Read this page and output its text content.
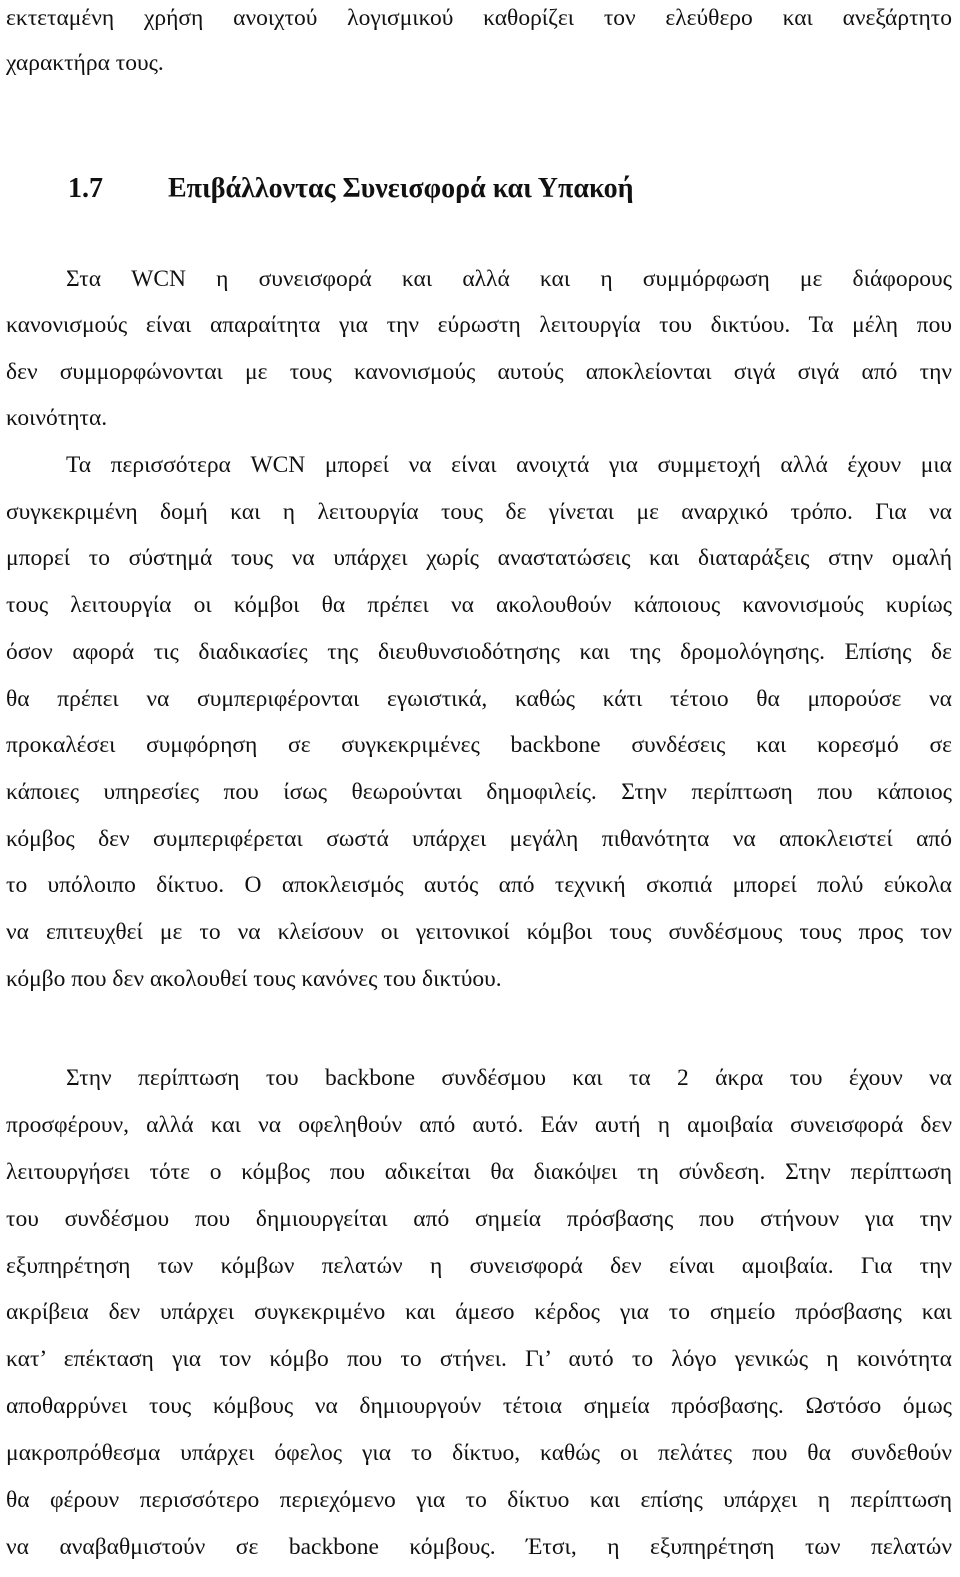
εκτεταμένη χρήση ανοιχτού λογισμικού καθορίζει τον ελεύθερο και ανεξάρτητο
χαρακτήρα τους.
1.7 Επιβάλλοντας Συνεισφορά και Υπακοή
Στα WCN η συνεισφορά και αλλά και η συμμόρφωση με διάφορους
κανονισμούς είναι απαραίτητα για την εύρωστη λειτουργία του δικτύου. Τα μέλη που
δεν συμμορφώνονται με τους κανονισμούς αυτούς αποκλείονται σιγά σιγά από την
κοινότητα.
Τα περισσότερα WCN μπορεί να είναι ανοιχτά για συμμετοχή αλλά έχουν μια
συγκεκριμένη δομή και η λειτουργία τους δε γίνεται με αναρχικό τρόπο. Για να
μπορεί το σύστημά τους να υπάρχει χωρίς αναστατώσεις και διαταράξεις στην ομαλή
τους λειτουργία οι κόμβοι θα πρέπει να ακολουθούν κάποιους κανονισμούς κυρίως
όσον αφορά τις διαδικασίες της διευθυνσιοδότησης και της δρομολόγησης. Επίσης δε
θα πρέπει να συμπεριφέρονται εγωιστικά, καθώς κάτι τέτοιο θα μπορούσε να
προκαλέσει συμφόρηση σε συγκεκριμένες backbone συνδέσεις και κορεσμό σε
κάποιες υπηρεσίες που ίσως θεωρούνται δημοφιλείς. Στην περίπτωση που κάποιος
κόμβος δεν συμπεριφέρεται σωστά υπάρχει μεγάλη πιθανότητα να αποκλειστεί από
το υπόλοιπο δίκτυο. Ο αποκλεισμός αυτός από τεχνική σκοπιά μπορεί πολύ εύκολα
να επιτευχθεί με το να κλείσουν οι γειτονικοί κόμβοι τους συνδέσμους τους προς τον
κόμβο που δεν ακολουθεί τους κανόνες του δικτύου.
Στην περίπτωση του backbone συνδέσμου και τα 2 άκρα του έχουν να
προσφέρουν, αλλά και να οφεληθούν από αυτό. Εάν αυτή η αμοιβαία συνεισφορά δεν
λειτουργήσει τότε ο κόμβος που αδικείται θα διακόψει τη σύνδεση. Στην περίπτωση
του συνδέσμου που δημιουργείται από σημεία πρόσβασης που στήνουν για την
εξυπηρέτηση των κόμβων πελατών η συνεισφορά δεν είναι αμοιβαία. Για την
ακρίβεια δεν υπάρχει συγκεκριμένο και άμεσο κέρδος για το σημείο πρόσβασης και
κατ’ επέκταση για τον κόμβο που το στήνει. Γι’ αυτό το λόγο γενικώς η κοινότητα
αποθαρρύνει τους κόμβους να δημιουργούν τέτοια σημεία πρόσβασης. Ωστόσο όμως
μακροπρόθεσμα υπάρχει όφελος για το δίκτυο, καθώς οι πελάτες που θα συνδεθούν
θα φέρουν περισσότερο περιεχόμενο για το δίκτυο και επίσης υπάρχει η περίπτωση
να αναβαθμιστούν σε backbone κόμβους. Έτσι, η εξυπηρέτηση των πελατών
